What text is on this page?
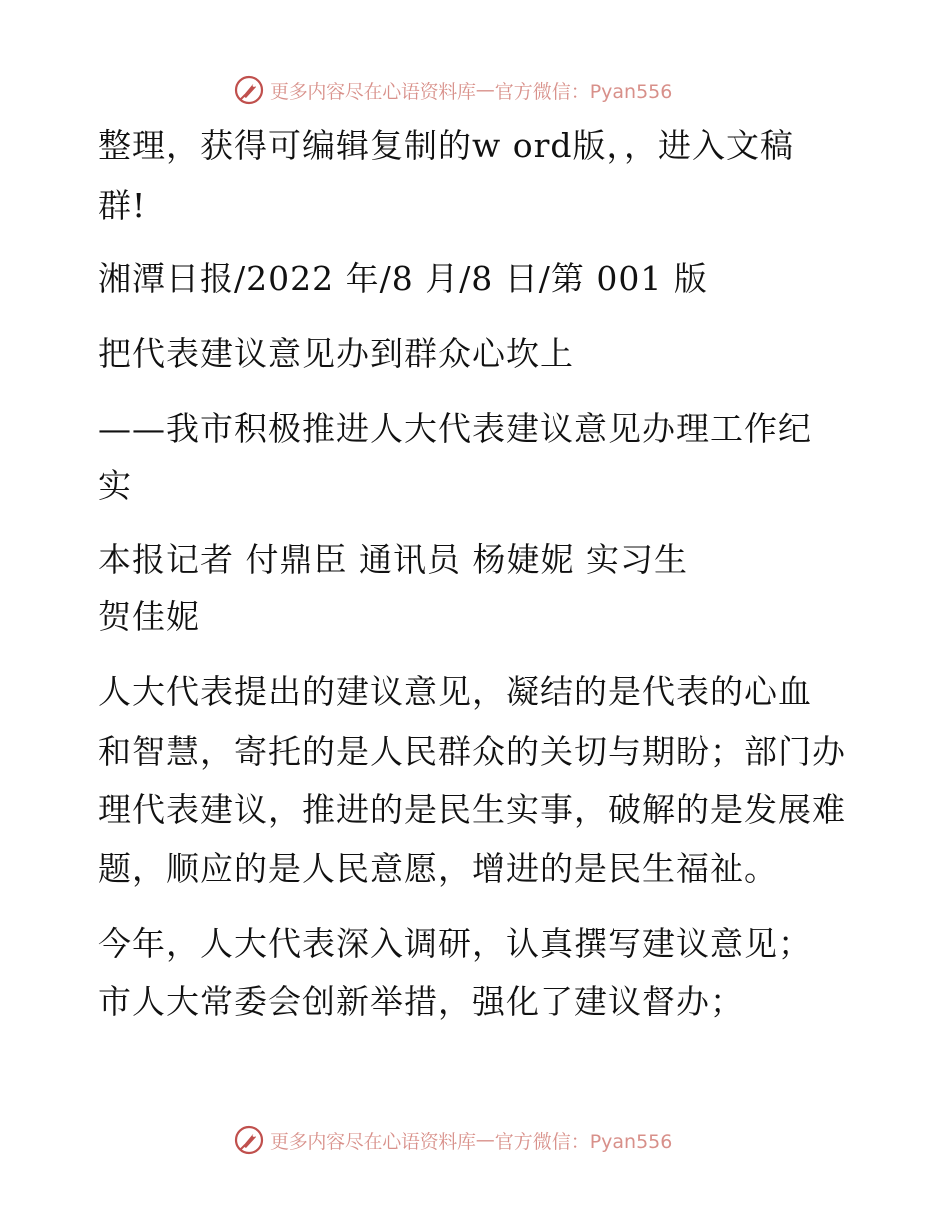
更多内容尽在心语资料库 — 官方微信：Pyan556
整理，获得可编辑复制的w ord版，，进入文稿
群!
湘潭日报/2022 年/8 月/8 日/第 001 版
把代表建议意见办到群众心坎上
——我市积极推进人大代表建议意见办理工作纪
实
本报记者 付鼎臣 通讯员 杨婕妮 实习生
贺佳妮
人大代表提出的建议意见，凝结的是代表的心血
和智慧，寄托的是人民群众的关切与期盼；部门办
理代表建议，推进的是民生实事，破解的是发展难
题，顺应的是人民意愿，增进的是民生福祉。
今年，人大代表深入调研，认真撰写建议意见；
市人大常委会创新举措，强化了建议督办；
更多内容尽在心语资料库 — 官方微信：Pyan556
